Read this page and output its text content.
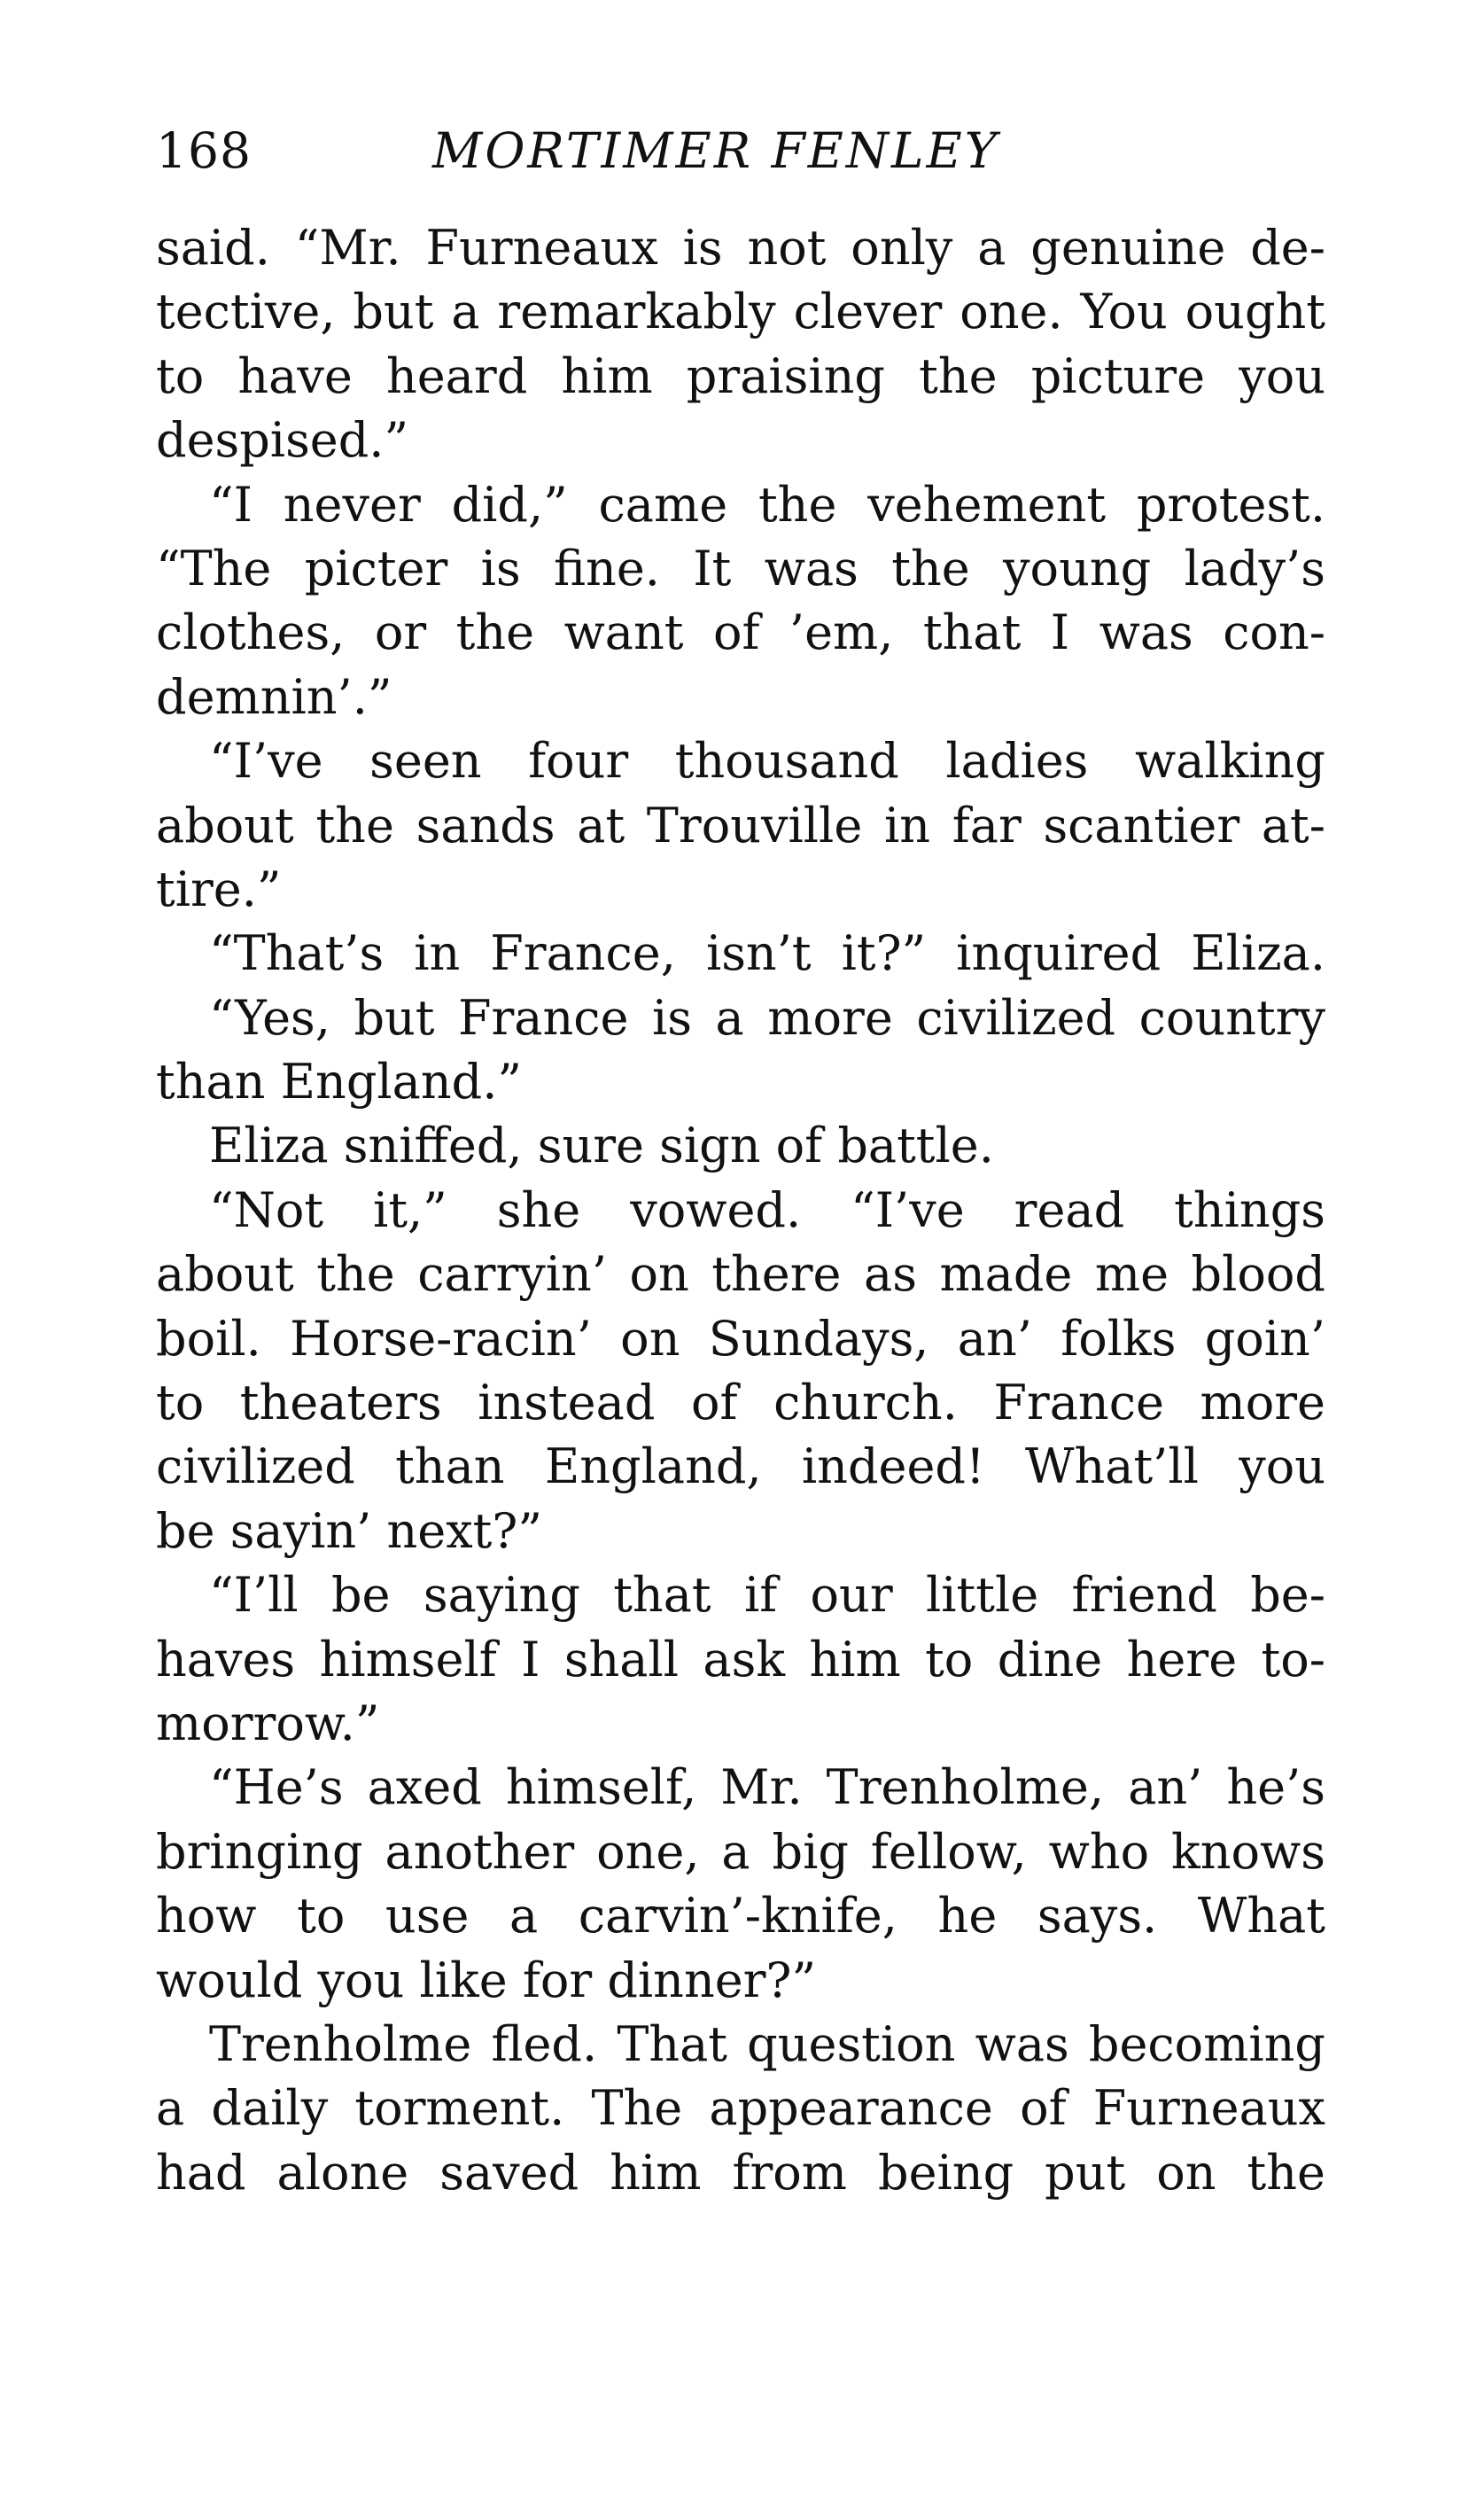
168	MORTIMER FENLEY
said. “Mr. Furneaux is not only a genuine de-
tective, but a remarkably clever one. You ought
to have heard him praising the picture you
despised.”
“I never did,” came the vehement protest.
“The picter is fine. It was the young lady’s
clothes, or the want of ’em, that I was con-
demnin’.”
“I’ve seen four thousand ladies walking
about the sands at Trouville in far scantier at-
tire.”
“That’s in France, isn’t it?” inquired Eliza.
“Yes, but France is a more civilized country
than England.”
Eliza sniffed, sure sign of battle.
“Not it,” she vowed. “I’ve read things
about the carryin’ on there as made me blood
boil. Horse-racin’ on Sundays, an’ folks goin’
to theaters instead of church. France more
civilized than England, indeed! What’ll you
be sayin’ next?”
“I’ll be saying that if our little friend be-
haves himself I shall ask him to dine here to-
morrow.”
“He’s axed himself, Mr. Trenholme, an’ he’s
bringing another one, a big fellow, who knows
how to use a carvin’-knife, he says. What
would you like for dinner?”
Trenholme fled. That question was becoming
a daily torment. The appearance of Furneaux
had alone saved him from being put on the
